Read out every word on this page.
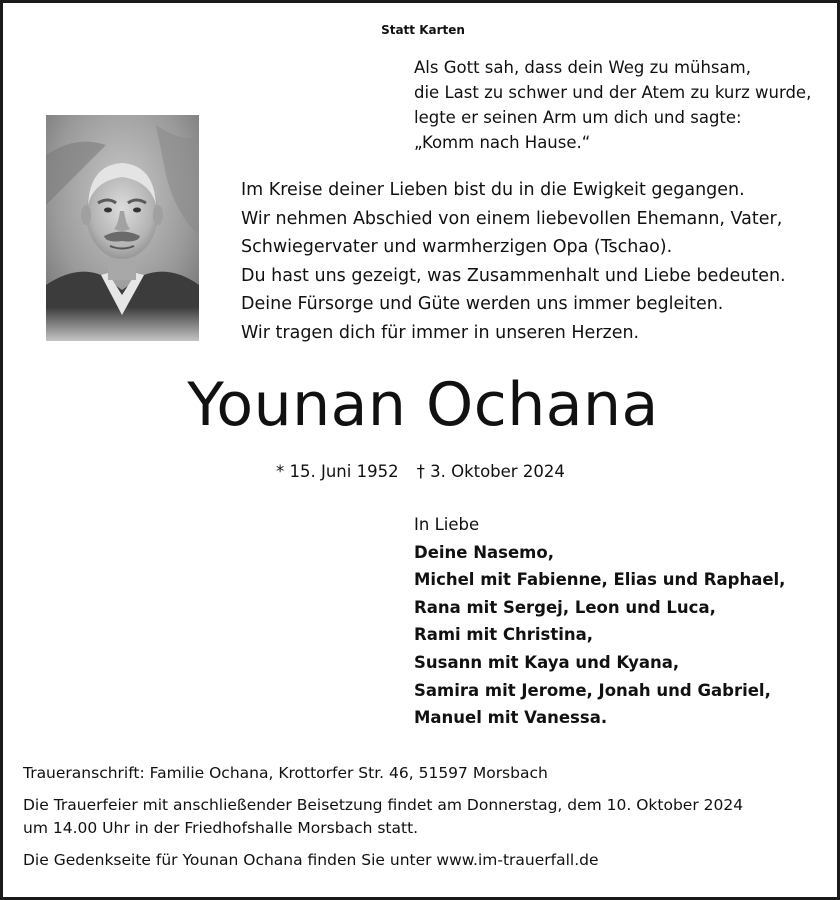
Statt Karten
Als Gott sah, dass dein Weg zu mühsam,
die Last zu schwer und der Atem zu kurz wurde,
legte er seinen Arm um dich und sagte:
„Komm nach Hause.“
Im Kreise deiner Lieben bist du in die Ewigkeit gegangen.
Wir nehmen Abschied von einem liebevollen Ehemann, Vater,
Schwiegervater und warmherzigen Opa (Tschao).
Du hast uns gezeigt, was Zusammenhalt und Liebe bedeuten.
Deine Fürsorge und Güte werden uns immer begleiten.
Wir tragen dich für immer in unseren Herzen.
Younan Ochana
* 15. Juni 1952 † 3. Oktober 2024
In Liebe
Deine Nasemo,
Michel mit Fabienne, Elias und Raphael,
Rana mit Sergej, Leon und Luca,
Rami mit Christina,
Susann mit Kaya und Kyana,
Samira mit Jerome, Jonah und Gabriel,
Manuel mit Vanessa.

Traueranschrift: Familie Ochana, Krottorfer Str. 46, 51597 Morsbach

Die Trauerfeier mit anschließender Beisetzung findet am Donnerstag, dem 10. Oktober 2024
um 14.00 Uhr in der Friedhofshalle Morsbach statt.

Die Gedenkseite für Younan Ochana finden Sie unter www.im-trauerfall.de
